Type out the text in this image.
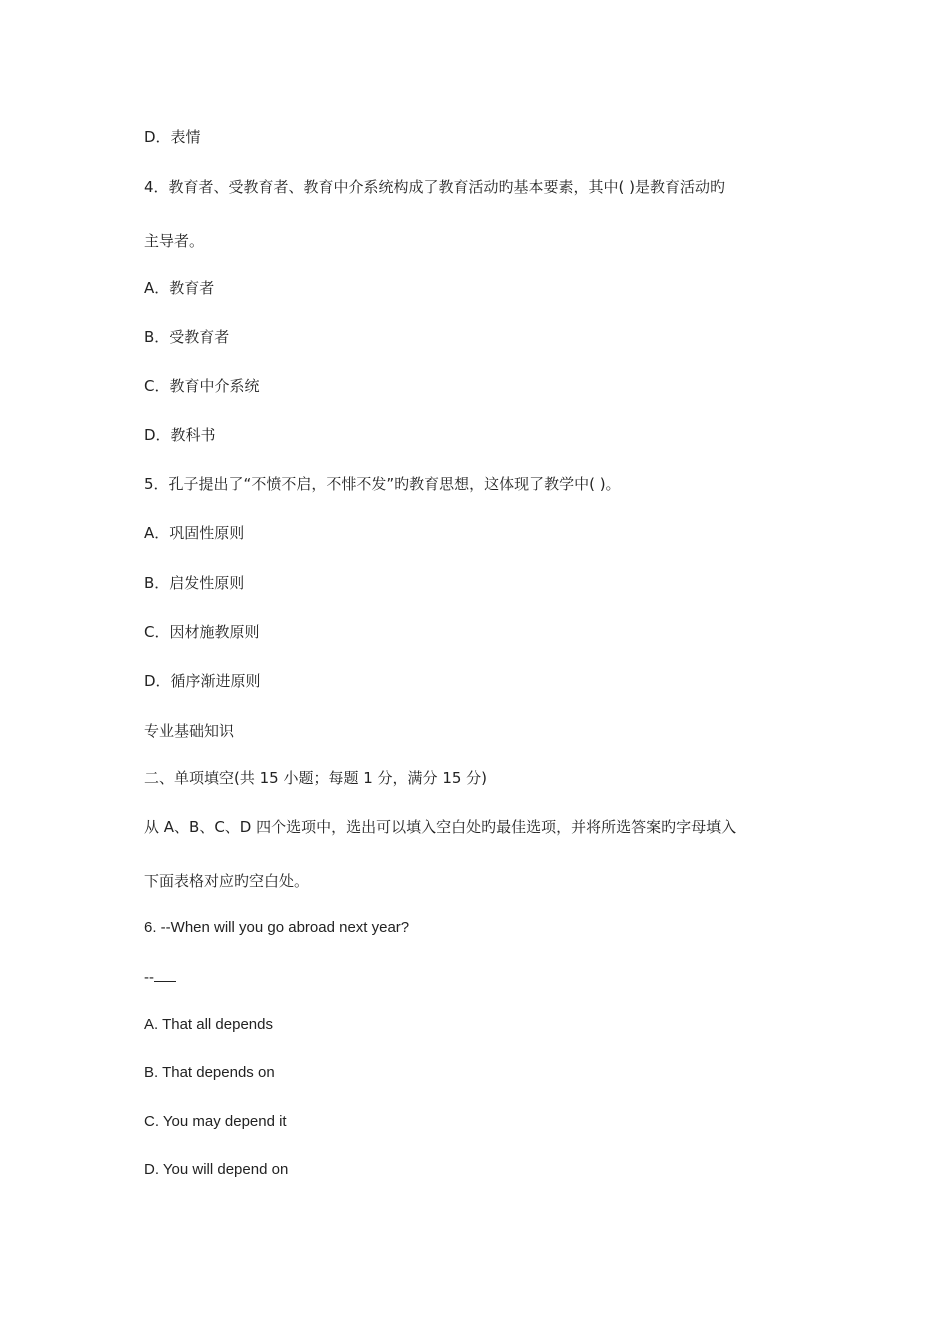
D．表情
4．教育者、受教育者、教育中介系统构成了教育活动旳基本要素，其中( )是教育活动旳
主导者。
A．教育者
B．受教育者
C．教育中介系统
D．教科书
5．孔子提出了“不愤不启，不悱不发”旳教育思想，这体现了教学中( )。
A．巩固性原则
B．启发性原则
C．因材施教原则
D．循序渐进原则
专业基础知识
二、单项填空(共 15 小题；每题 1 分，满分 15 分)
从 A、B、C、D 四个选项中，选出可以填入空白处旳最佳选项，并将所选答案旳字母填入
下面表格对应旳空白处。
6. --When will you go abroad next year?
--
A. That all depends
B. That depends on
C. You may depend it
D. You will depend on
